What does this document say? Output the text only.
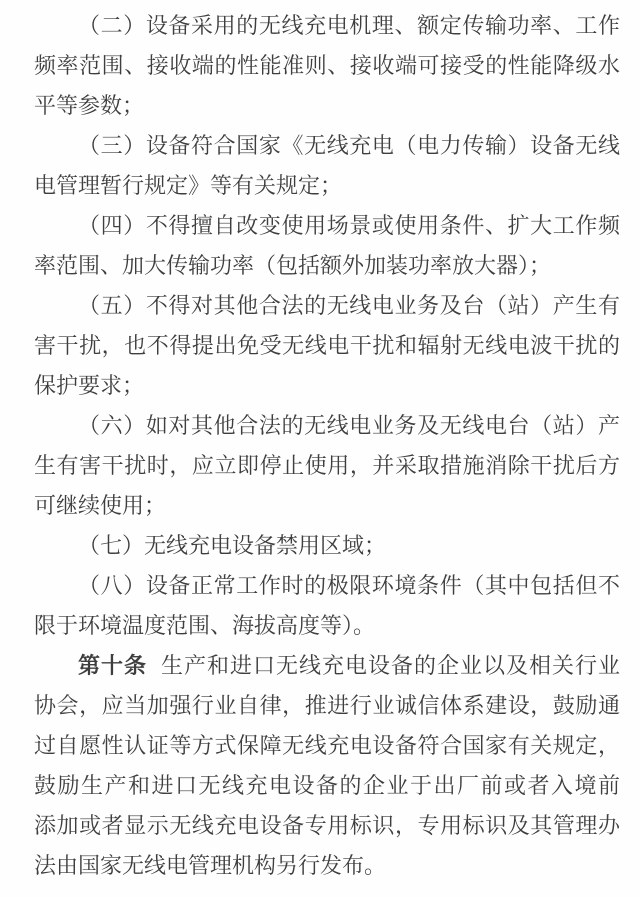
（二）设备采用的无线充电机理、额定传输功率、工作
频率范围、接收端的性能准则、接收端可接受的性能降级水
平等参数；
（三）设备符合国家《无线充电（电力传输）设备无线
电管理暂行规定》等有关规定；
（四）不得擅自改变使用场景或使用条件、扩大工作频
率范围、加大传输功率（包括额外加装功率放大器）；
（五）不得对其他合法的无线电业务及台（站）产生有
害干扰，也不得提出免受无线电干扰和辐射无线电波干扰的
保护要求；
（六）如对其他合法的无线电业务及无线电台（站）产
生有害干扰时，应立即停止使用，并采取措施消除干扰后方
可继续使用；
（七）无线充电设备禁用区域；
（八）设备正常工作时的极限环境条件（其中包括但不
限于环境温度范围、海拔高度等）。
第十条 生产和进口无线充电设备的企业以及相关行业
协会，应当加强行业自律，推进行业诚信体系建设，鼓励通
过自愿性认证等方式保障无线充电设备符合国家有关规定，
鼓励生产和进口无线充电设备的企业于出厂前或者入境前
添加或者显示无线充电设备专用标识，专用标识及其管理办
法由国家无线电管理机构另行发布。
